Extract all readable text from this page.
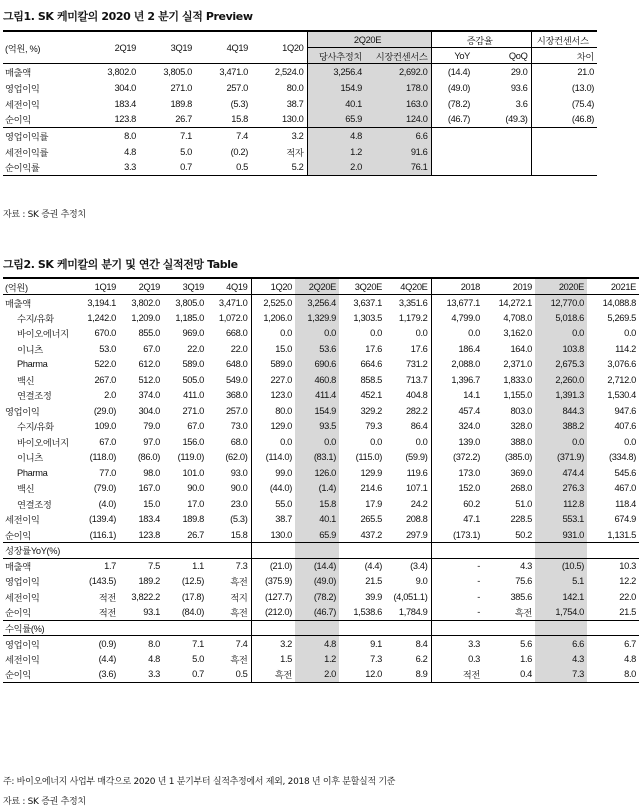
그림1. SK 케미칼의 2020 년 2 분기 실적 Preview
(억원, %)	2Q19	3Q19	4Q19	1Q20	2Q20E		증감율		시장컨센서스
					당사추정치	시장컨센서스	YoY	QoQ	차이
매출액	3,802.0	3,805.0	3,471.0	2,524.0	3,256.4	2,692.0	(14.4)	29.0	21.0
영업이익	304.0	271.0	257.0	80.0	154.9	178.0	(49.0)	93.6	(13.0)
세전이익	183.4	189.8	(5.3)	38.7	40.1	163.0	(78.2)	3.6	(75.4)
순이익	123.8	26.7	15.8	130.0	65.9	124.0	(46.7)	(49.3)	(46.8)
영업이익률	8.0	7.1	7.4	3.2	4.8	6.6			
세전이익률	4.8	5.0	(0.2)	적자	1.2	91.6			
순이익률	3.3	0.7	0.5	5.2	2.0	76.1			
자료 : SK 증권 추정치
그림2. SK 케미칼의 분기 및 연간 실적전망 Table
(억원)	1Q19	2Q19	3Q19	4Q19	1Q20	2Q20E	3Q20E	4Q20E	2018	2019	2020E	2021E
매출액	3,194.1	3,802.0	3,805.0	3,471.0	2,525.0	3,256.4	3,637.1	3,351.6	13,677.1	14,272.1	12,770.0	14,088.8
수지/유화	1,242.0	1,209.0	1,185.0	1,072.0	1,206.0	1,329.9	1,303.5	1,179.2	4,799.0	4,708.0	5,018.6	5,269.5
바이오에너지	670.0	855.0	969.0	668.0	0.0	0.0	0.0	0.0	0.0	3,162.0	0.0	0.0
이니츠	53.0	67.0	22.0	22.0	15.0	53.6	17.6	17.6	186.4	164.0	103.8	114.2
Pharma	522.0	612.0	589.0	648.0	589.0	690.6	664.6	731.2	2,088.0	2,371.0	2,675.3	3,076.6
백신	267.0	512.0	505.0	549.0	227.0	460.8	858.5	713.7	1,396.7	1,833.0	2,260.0	2,712.0
연결조정	2.0	374.0	411.0	368.0	123.0	411.4	452.1	404.8	14.1	1,155.0	1,391.3	1,530.4
영업이익	(29.0)	304.0	271.0	257.0	80.0	154.9	329.2	282.2	457.4	803.0	844.3	947.6
수지/유화	109.0	79.0	67.0	73.0	129.0	93.5	79.3	86.4	324.0	328.0	388.2	407.6
바이오에너지	67.0	97.0	156.0	68.0	0.0	0.0	0.0	0.0	139.0	388.0	0.0	0.0
이니츠	(118.0)	(86.0)	(119.0)	(62.0)	(114.0)	(83.1)	(115.0)	(59.9)	(372.2)	(385.0)	(371.9)	(334.8)
Pharma	77.0	98.0	101.0	93.0	99.0	126.0	129.9	119.6	173.0	369.0	474.4	545.6
백신	(79.0)	167.0	90.0	90.0	(44.0)	(1.4)	214.6	107.1	152.0	268.0	276.3	467.0
연결조정	(4.0)	15.0	17.0	23.0	55.0	15.8	17.9	24.2	60.2	51.0	112.8	118.4
세전이익	(139.4)	183.4	189.8	(5.3)	38.7	40.1	265.5	208.8	47.1	228.5	553.1	674.9
순이익	(116.1)	123.8	26.7	15.8	130.0	65.9	437.2	297.9	(173.1)	50.2	931.0	1,131.5
성장률YoY(%)												
매출액	1.7	7.5	1.1	7.3	(21.0)	(14.4)	(4.4)	(3.4)	-	4.3	(10.5)	10.3
영업이익	(143.5)	189.2	(12.5)	흑전	(375.9)	(49.0)	21.5	9.0	-	75.6	5.1	12.2
세전이익	적전	3,822.2	(17.8)	적지	(127.7)	(78.2)	39.9	(4,051.1)	-	385.6	142.1	22.0
순이익	적전	93.1	(84.0)	흑전	(212.0)	(46.7)	1,538.6	1,784.9	-	흑전	1,754.0	21.5
수익률(%)												
영업이익	(0.9)	8.0	7.1	7.4	3.2	4.8	9.1	8.4	3.3	5.6	6.6	6.7
세전이익	(4.4)	4.8	5.0	흑전	1.5	1.2	7.3	6.2	0.3	1.6	4.3	4.8
순이익	(3.6)	3.3	0.7	0.5	흑전	2.0	12.0	8.9	적전	0.4	7.3	8.0
주: 바이오에너지 사업부 매각으로 2020 년 1 분기부터 실적추정에서 제외, 2018 년 이후 분할실적 기준
자료 : SK 증권 추정치
